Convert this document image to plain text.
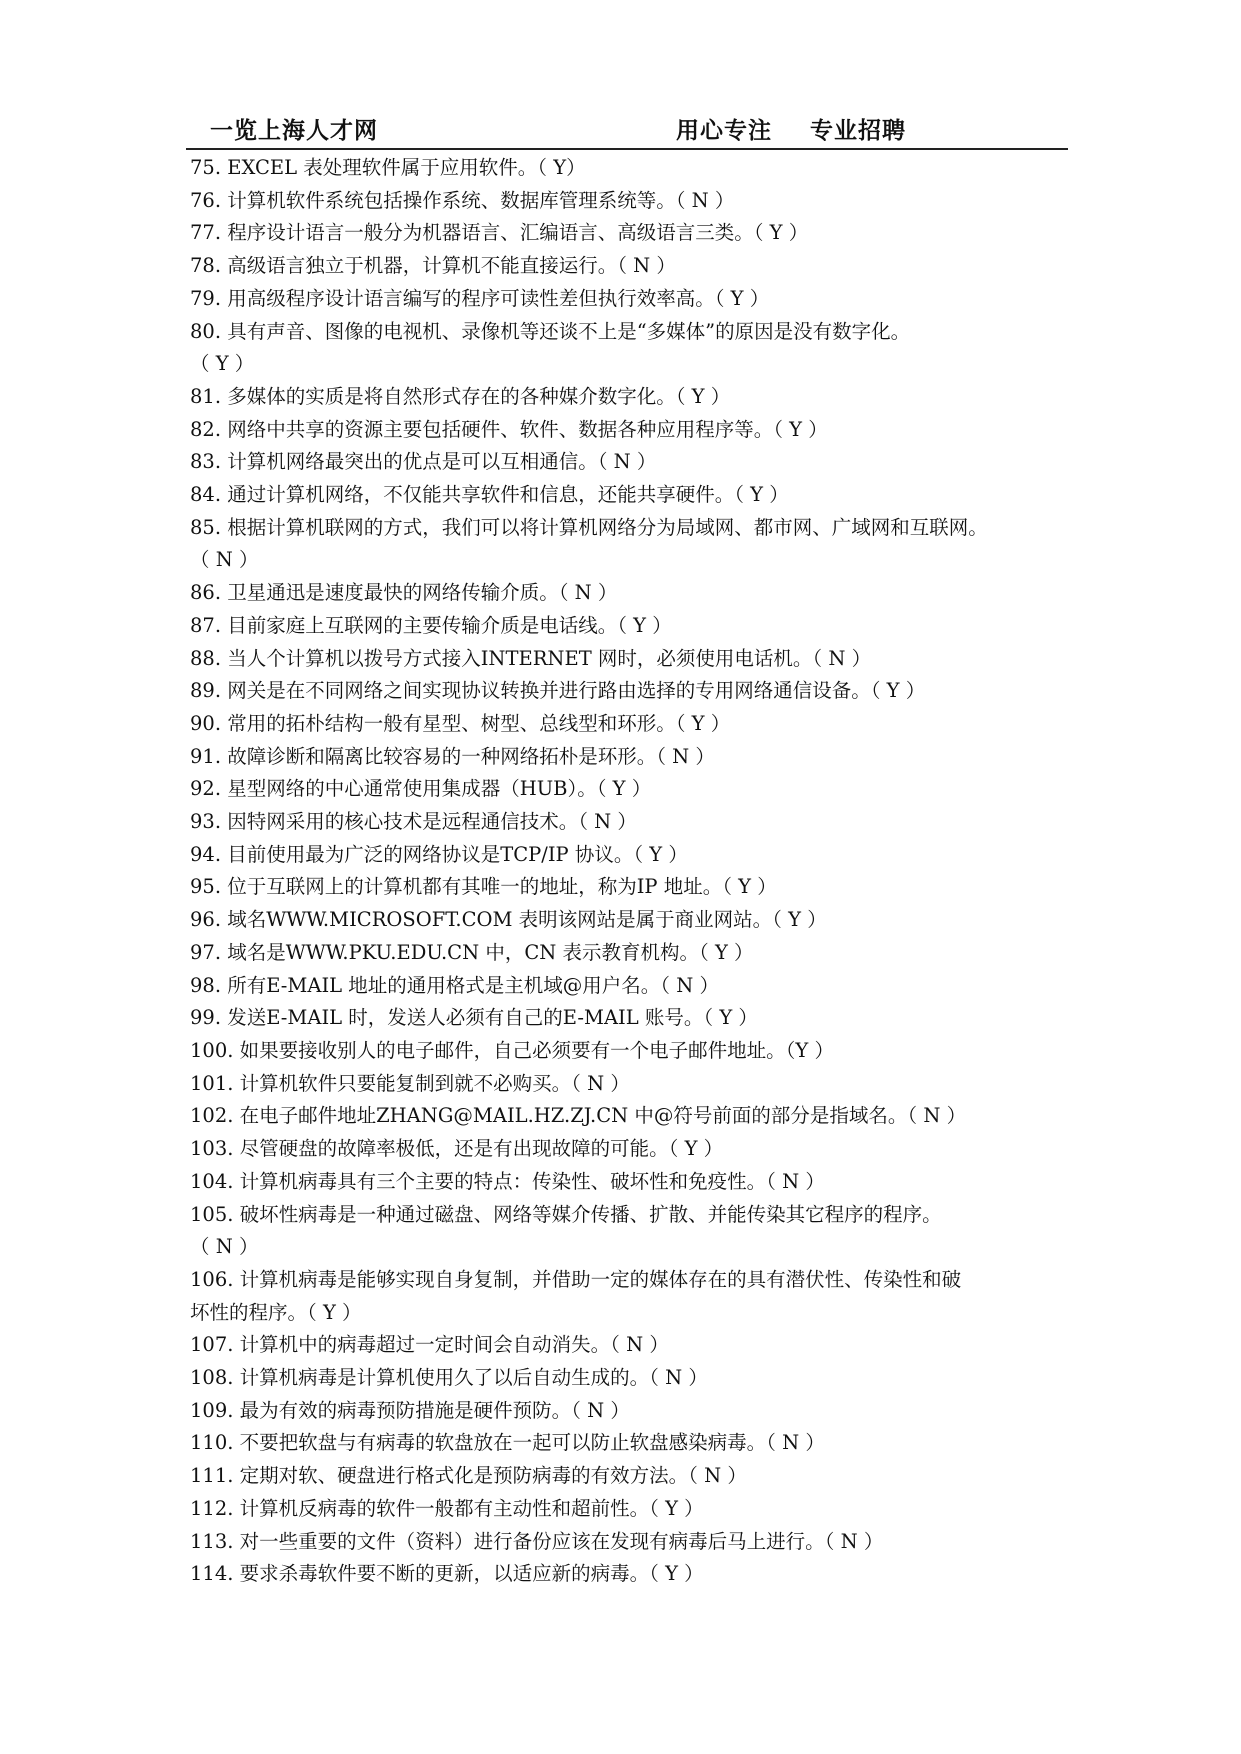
一览上海人才网	用心专注 专业招聘
75. EXCEL 表处理软件属于应用软件。（ Y）
76. 计算机软件系统包括操作系统、数据库管理系统等。（ N ）
77. 程序设计语言一般分为机器语言、汇编语言、高级语言三类。（ Y ）
78. 高级语言独立于机器，计算机不能直接运行。（ N ）
79. 用高级程序设计语言编写的程序可读性差但执行效率高。（ Y ）
80. 具有声音、图像的电视机、录像机等还谈不上是“多媒体”的原因是没有数字化。
（ Y ）
81. 多媒体的实质是将自然形式存在的各种媒介数字化。（ Y ）
82. 网络中共享的资源主要包括硬件、软件、数据各种应用程序等。（ Y ）
83. 计算机网络最突出的优点是可以互相通信。（ N ）
84. 通过计算机网络，不仅能共享软件和信息，还能共享硬件。（ Y ）
85. 根据计算机联网的方式，我们可以将计算机网络分为局域网、都市网、广域网和互联网。
（ N ）
86. 卫星通迅是速度最快的网络传输介质。（ N ）
87. 目前家庭上互联网的主要传输介质是电话线。（ Y ）
88. 当人个计算机以拨号方式接入INTERNET 网时，必须使用电话机。（ N ）
89. 网关是在不同网络之间实现协议转换并进行路由选择的专用网络通信设备。（ Y ）
90. 常用的拓朴结构一般有星型、树型、总线型和环形。（ Y ）
91. 故障诊断和隔离比较容易的一种网络拓朴是环形。（ N ）
92. 星型网络的中心通常使用集成器（HUB）。（ Y ）
93. 因特网采用的核心技术是远程通信技术。（ N ）
94. 目前使用最为广泛的网络协议是TCP/IP 协议。（ Y ）
95. 位于互联网上的计算机都有其唯一的地址，称为IP 地址。（ Y ）
96. 域名WWW.MICROSOFT.COM 表明该网站是属于商业网站。（ Y ）
97. 域名是WWW.PKU.EDU.CN 中，CN 表示教育机构。（ Y ）
98. 所有E-MAIL 地址的通用格式是主机域@用户名。（ N ）
99. 发送E-MAIL 时，发送人必须有自己的E-MAIL 账号。（ Y ）
100. 如果要接收别人的电子邮件，自己必须要有一个电子邮件地址。（Y ）
101. 计算机软件只要能复制到就不必购买。（ N ）
102. 在电子邮件地址ZHANG@MAIL.HZ.ZJ.CN 中@符号前面的部分是指域名。（ N ）
103. 尽管硬盘的故障率极低，还是有出现故障的可能。（ Y ）
104. 计算机病毒具有三个主要的特点：传染性、破坏性和免疫性。（ N ）
105. 破坏性病毒是一种通过磁盘、网络等媒介传播、扩散、并能传染其它程序的程序。
（ N ）
106. 计算机病毒是能够实现自身复制，并借助一定的媒体存在的具有潜伏性、传染性和破
坏性的程序。（ Y ）
107. 计算机中的病毒超过一定时间会自动消失。（ N ）
108. 计算机病毒是计算机使用久了以后自动生成的。（ N ）
109. 最为有效的病毒预防措施是硬件预防。（ N ）
110. 不要把软盘与有病毒的软盘放在一起可以防止软盘感染病毒。（ N ）
111. 定期对软、硬盘进行格式化是预防病毒的有效方法。（ N ）
112. 计算机反病毒的软件一般都有主动性和超前性。（ Y ）
113. 对一些重要的文件（资料）进行备份应该在发现有病毒后马上进行。（ N ）
114. 要求杀毒软件要不断的更新，以适应新的病毒。（ Y ）
